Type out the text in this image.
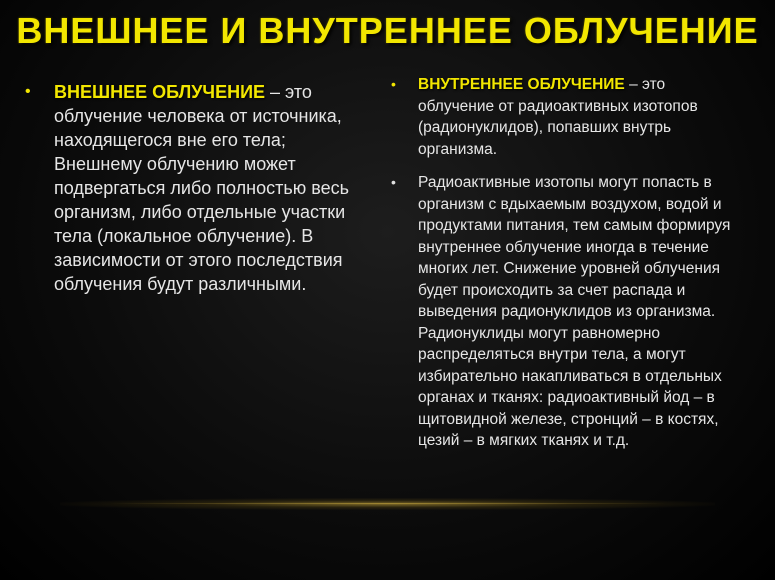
ВНЕШНЕЕ И ВНУТРЕННЕЕ ОБЛУЧЕНИЕ
• ВНЕШНЕЕ ОБЛУЧЕНИЕ – это облучение человека от источника, находящегося вне его тела; Внешнему облучению может подвергаться либо полностью весь организм, либо отдельные участки тела (локальное облучение). В зависимости от этого последствия облучения будут различными.
• ВНУТРЕННЕЕ ОБЛУЧЕНИЕ – это облучение от радиоактивных изотопов (радионуклидов), попавших внутрь организма.
• Радиоактивные изотопы могут попасть в организм с вдыхаемым воздухом, водой и продуктами питания, тем самым формируя внутреннее облучение иногда в течение многих лет. Снижение уровней облучения будет происходить за счет распада и выведения радионуклидов из организма. Радионуклиды могут равномерно распределяться внутри тела, а могут избирательно накапливаться в отдельных органах и тканях: радиоактивный йод – в щитовидной железе, стронций – в костях, цезий – в мягких тканях и т.д.
